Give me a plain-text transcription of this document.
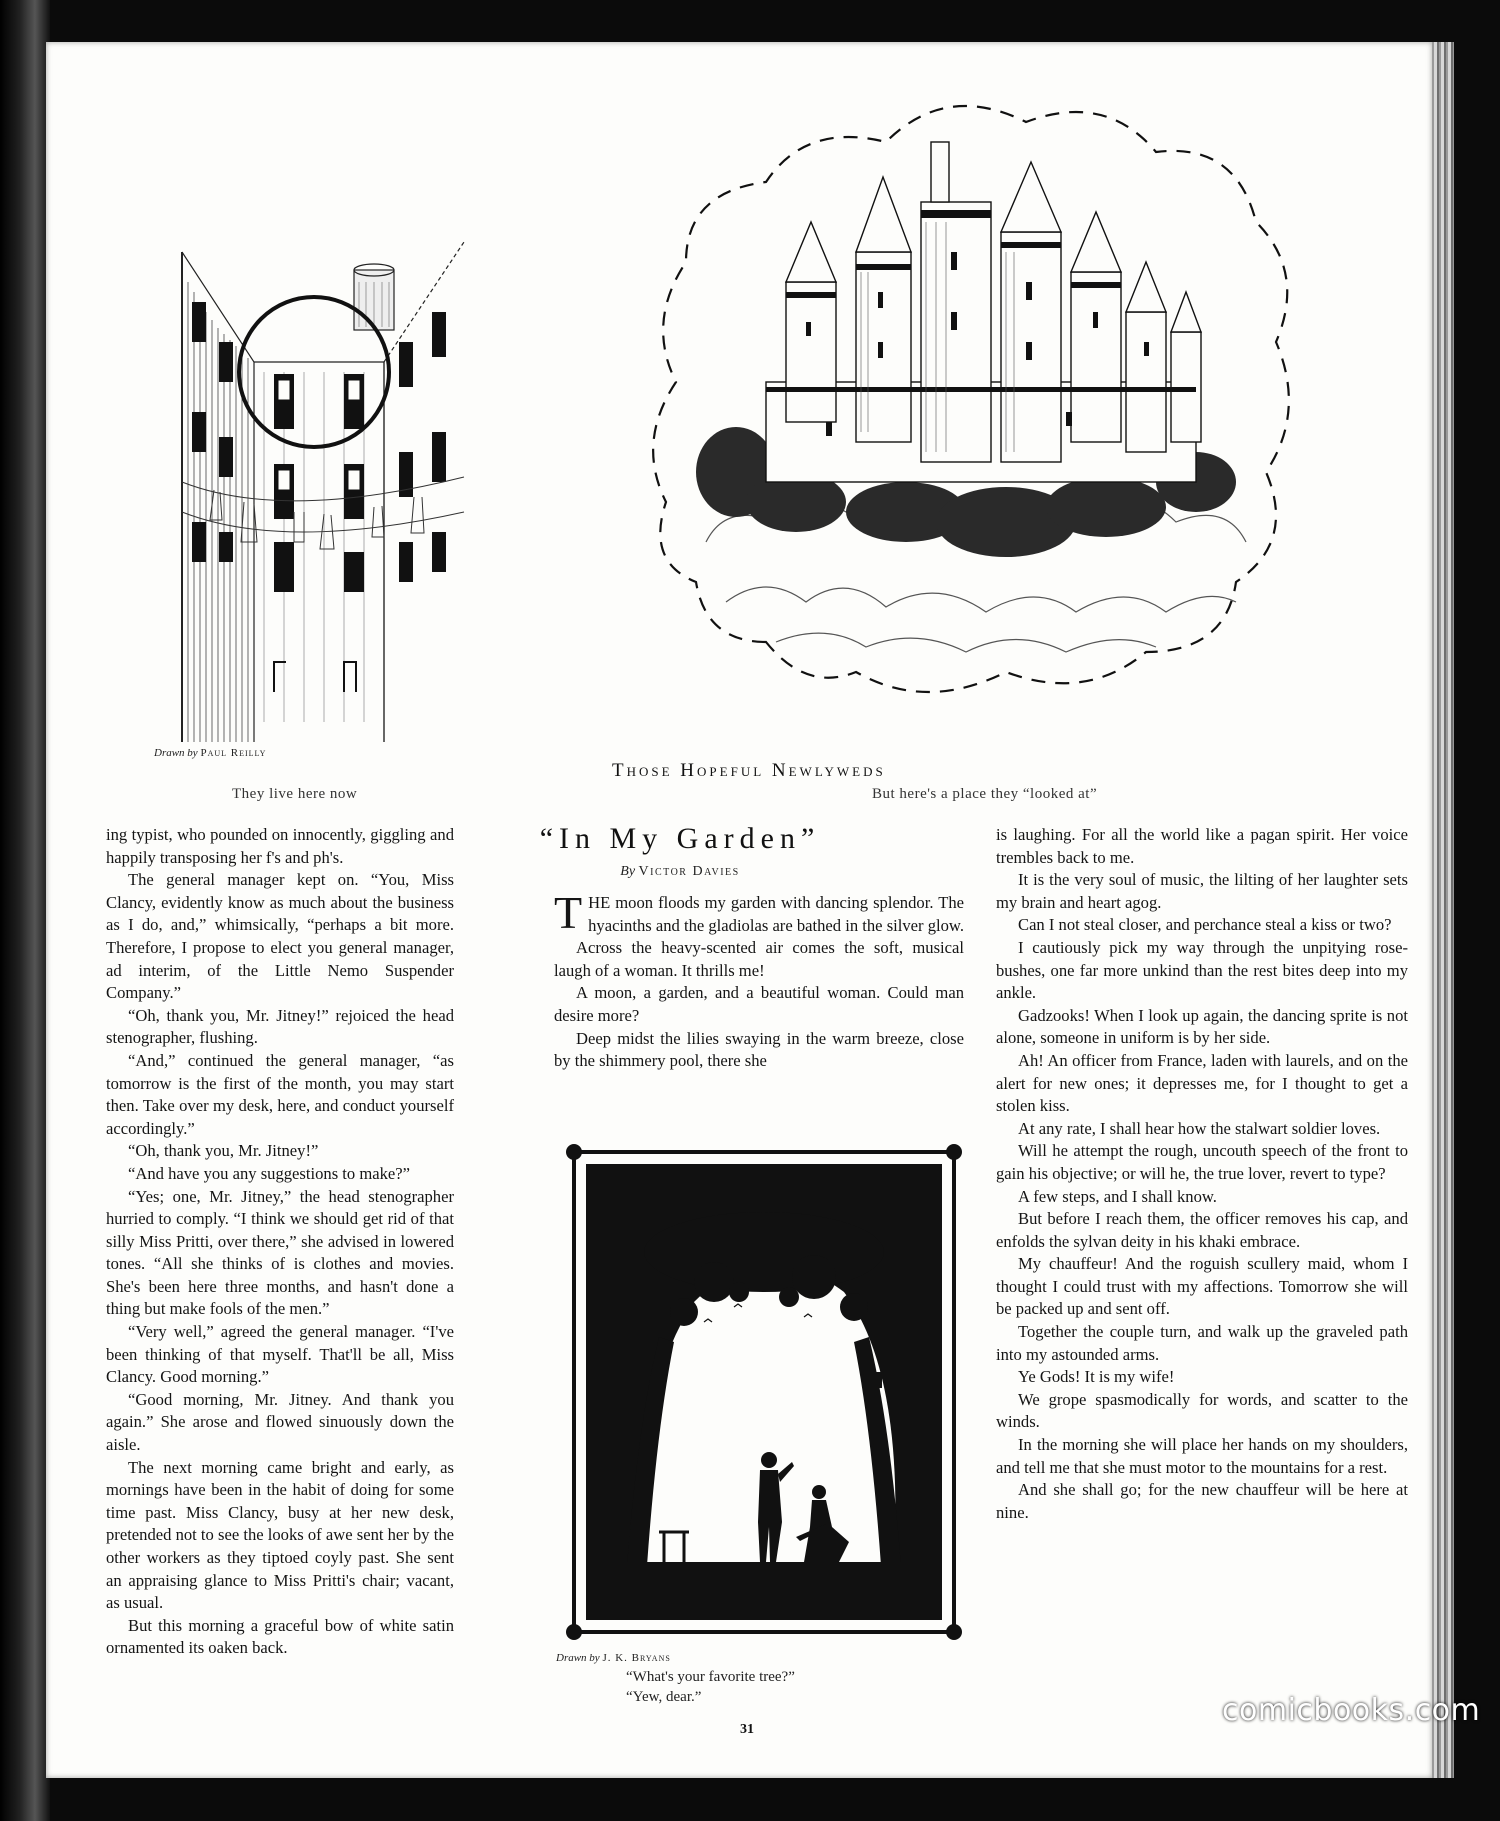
Drawn by Paul Reilly
They live here now
Those Hopeful Newlyweds
But here's a place they “looked at”

ing typist, who pounded on innocently, giggling and happily transposing her f's and ph's.

The general manager kept on. “You, Miss Clancy, evidently know as much about the business as I do, and,” whimsically, “perhaps a bit more. Therefore, I propose to elect you general manager, ad interim, of the Little Nemo Suspender Company.”

“Oh, thank you, Mr. Jitney!” rejoiced the head stenographer, flushing.

“And,” continued the general manager, “as tomorrow is the first of the month, you may start then. Take over my desk, here, and conduct yourself accordingly.”

“Oh, thank you, Mr. Jitney!”

“And have you any suggestions to make?”

“Yes; one, Mr. Jitney,” the head stenographer hurried to comply. “I think we should get rid of that silly Miss Pritti, over there,” she advised in lowered tones. “All she thinks of is clothes and movies. She's been here three months, and hasn't done a thing but make fools of the men.”

“Very well,” agreed the general manager. “I've been thinking of that myself. That'll be all, Miss Clancy. Good morning.”

“Good morning, Mr. Jitney. And thank you again.” She arose and flowed sinuously down the aisle.

The next morning came bright and early, as mornings have been in the habit of doing for some time past. Miss Clancy, busy at her new desk, pretended not to see the looks of awe sent her by the other workers as they tiptoed coyly past. She sent an appraising glance to Miss Pritti's chair; vacant, as usual.

But this morning a graceful bow of white satin ornamented its oaken back.

“In My Garden”
By Victor Davies

THE moon floods my garden with dancing splendor. The hyacinths and the gladiolas are bathed in the silver glow.

Across the heavy-scented air comes the soft, musical laugh of a woman. It thrills me!

A moon, a garden, and a beautiful woman. Could man desire more?

Deep midst the lilies swaying in the warm breeze, close by the shimmery pool, there she

Drawn by J. K. Bryans
“What's your favorite tree?”
“Yew, dear.”
31

is laughing. For all the world like a pagan spirit. Her voice trembles back to me.

It is the very soul of music, the lilting of her laughter sets my brain and heart agog.

Can I not steal closer, and perchance steal a kiss or two?

I cautiously pick my way through the unpitying rose-bushes, one far more unkind than the rest bites deep into my ankle.

Gadzooks! When I look up again, the dancing sprite is not alone, someone in uniform is by her side.

Ah! An officer from France, laden with laurels, and on the alert for new ones; it depresses me, for I thought to get a stolen kiss.

At any rate, I shall hear how the stalwart soldier loves.

Will he attempt the rough, uncouth speech of the front to gain his objective; or will he, the true lover, revert to type?

A few steps, and I shall know.

But before I reach them, the officer removes his cap, and enfolds the sylvan deity in his khaki embrace.

My chauffeur! And the roguish scullery maid, whom I thought I could trust with my affections. Tomorrow she will be packed up and sent off.

Together the couple turn, and walk up the graveled path into my astounded arms.

Ye Gods! It is my wife!

We grope spasmodically for words, and scatter to the winds.

In the morning she will place her hands on my shoulders, and tell me that she must motor to the mountains for a rest.

And she shall go; for the new chauffeur will be here at nine.

comicbooks.com
